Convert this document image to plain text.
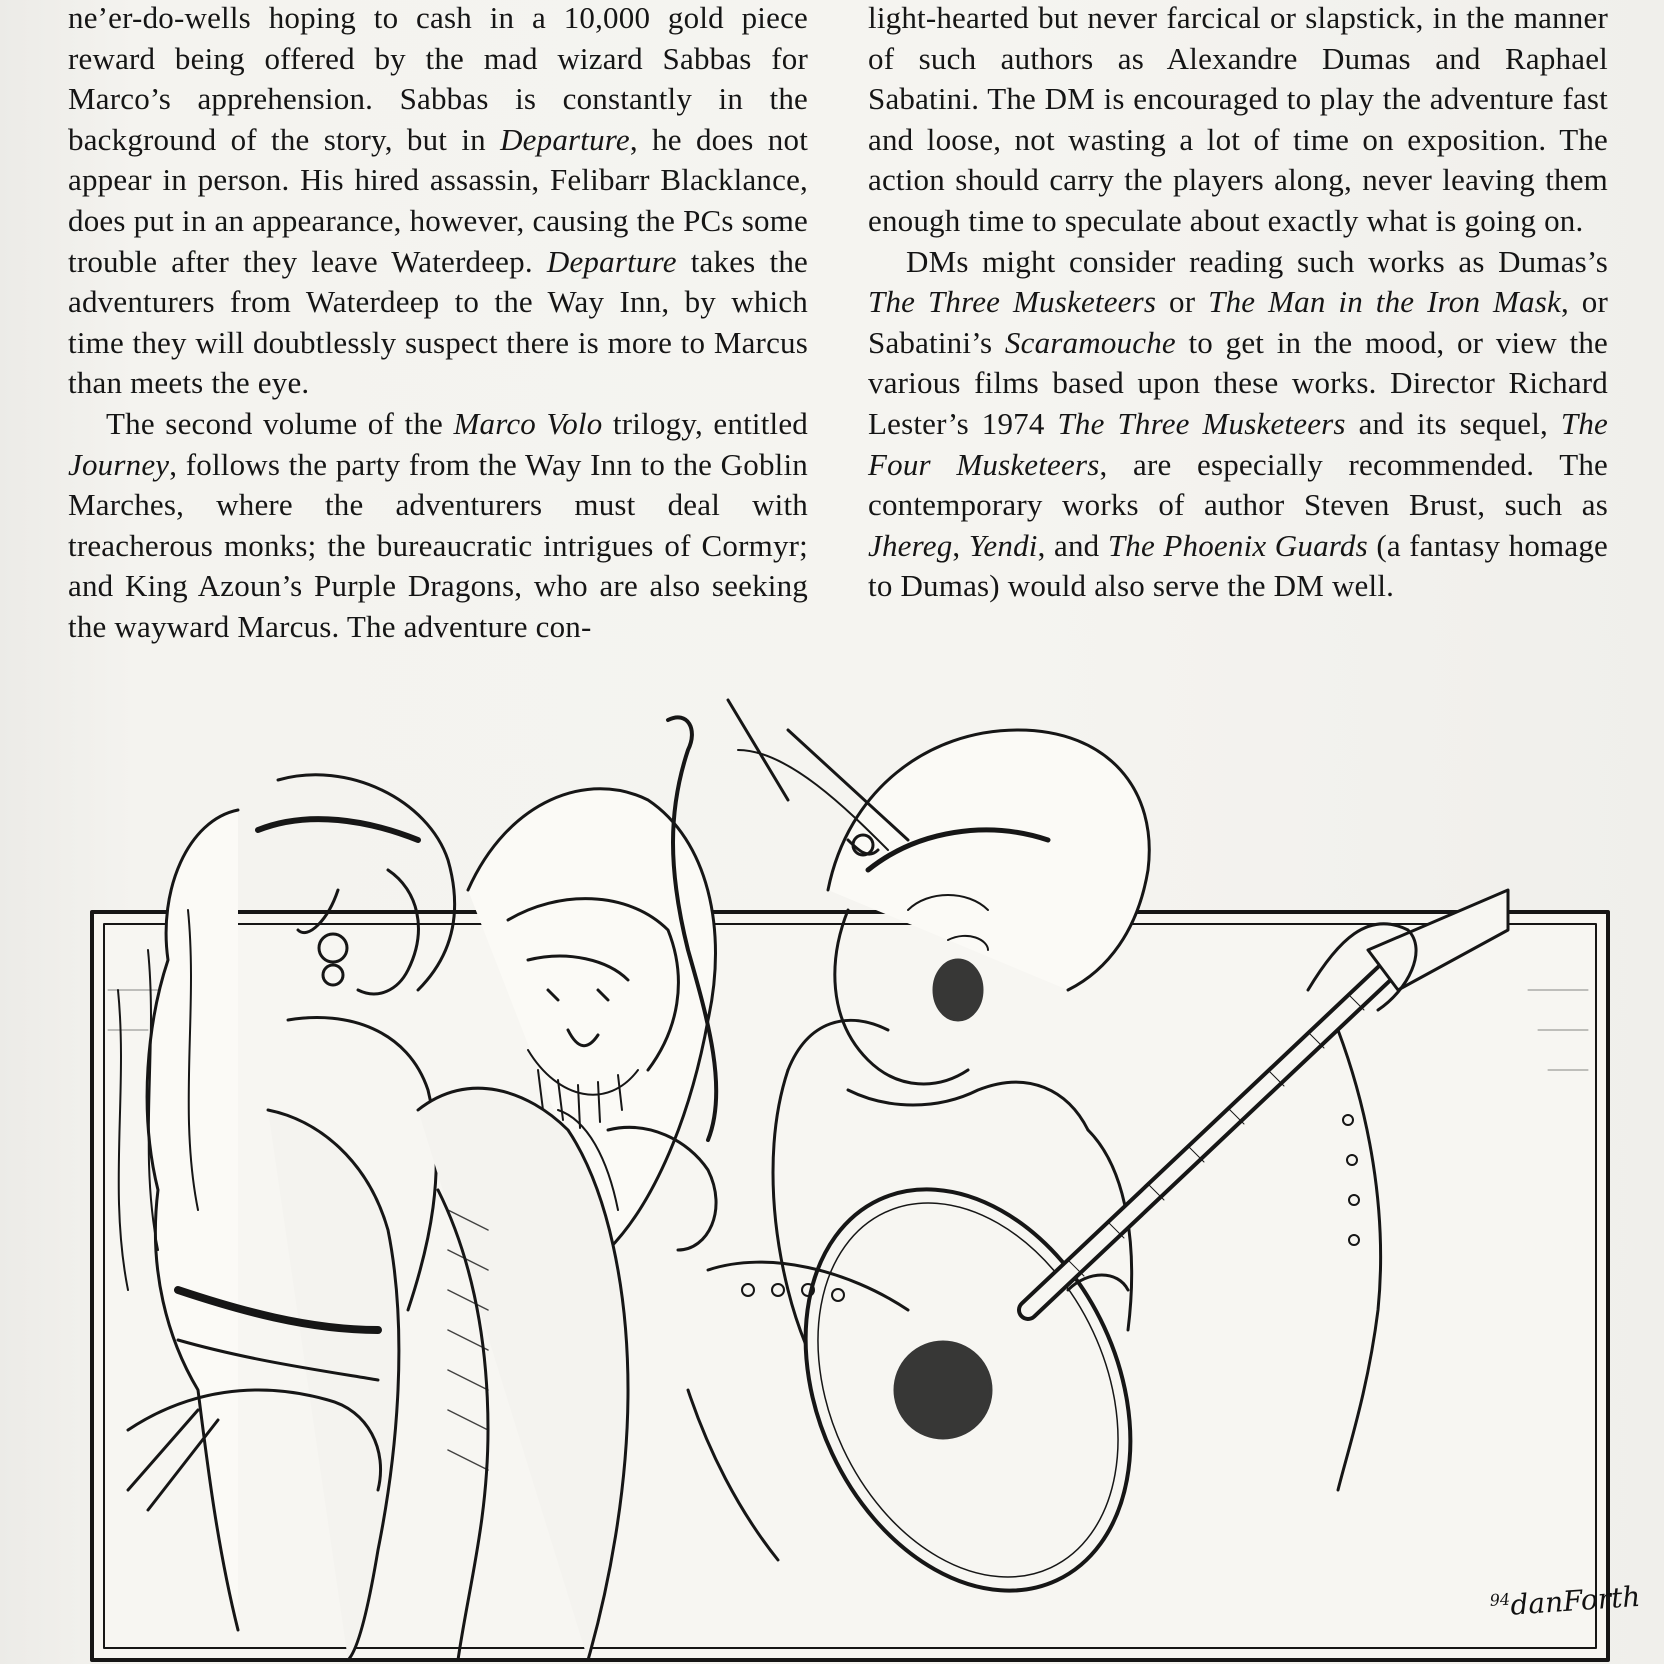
ne’er-do-wells hoping to cash in a 10,000 gold piece reward being offered by the mad wizard Sabbas for Marco’s apprehension. Sabbas is constantly in the background of the story, but in Departure, he does not appear in person. His hired assassin, Felibarr Blacklance, does put in an appearance, however, causing the PCs some trouble after they leave Waterdeep. Departure takes the adventurers from Waterdeep to the Way Inn, by which time they will doubtlessly suspect there is more to Marcus than meets the eye.

The second volume of the Marco Volo trilogy, entitled Journey, follows the party from the Way Inn to the Goblin Marches, where the adventurers must deal with treacherous monks; the bureaucratic intrigues of Cormyr; and King Azoun’s Purple Dragons, who are also seeking the wayward Marcus. The adventure con-

light-hearted but never farcical or slapstick, in the manner of such authors as Alexandre Dumas and Raphael Sabatini. The DM is encouraged to play the adventure fast and loose, not wasting a lot of time on exposition. The action should carry the players along, never leaving them enough time to speculate about exactly what is going on.

DMs might consider reading such works as Dumas’s The Three Musketeers or The Man in the Iron Mask, or Sabatini’s Scaramouche to get in the mood, or view the various films based upon these works. Director Richard Lester’s 1974 The Three Musketeers and its sequel, The Four Musketeers, are especially recommended. The contemporary works of author Steven Brust, such as Jhereg, Yendi, and The Phoenix Guards (a fantasy homage to Dumas) would also serve the DM well.

$^{94}$danForth
